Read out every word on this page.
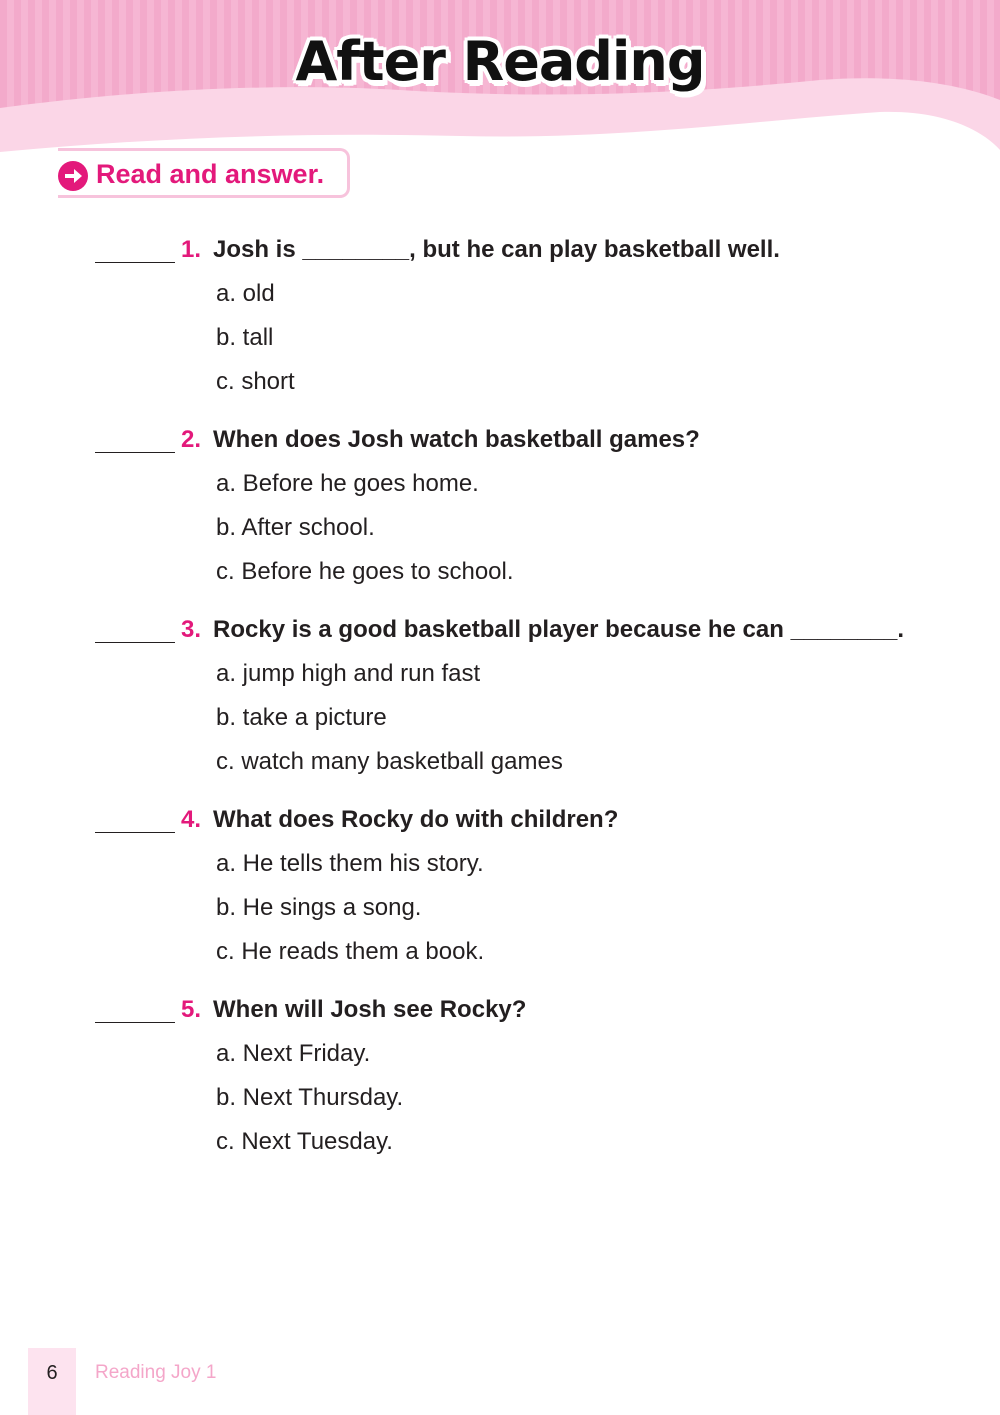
After Reading
Read and answer.
1. Josh is ________, but he can play basketball well.
a. old
b. tall
c. short
2. When does Josh watch basketball games?
a. Before he goes home.
b. After school.
c. Before he goes to school.
3. Rocky is a good basketball player because he can ________.
a. jump high and run fast
b. take a picture
c. watch many basketball games
4. What does Rocky do with children?
a. He tells them his story.
b. He sings a song.
c. He reads them a book.
5. When will Josh see Rocky?
a. Next Friday.
b. Next Thursday.
c. Next Tuesday.
6	Reading Joy 1
